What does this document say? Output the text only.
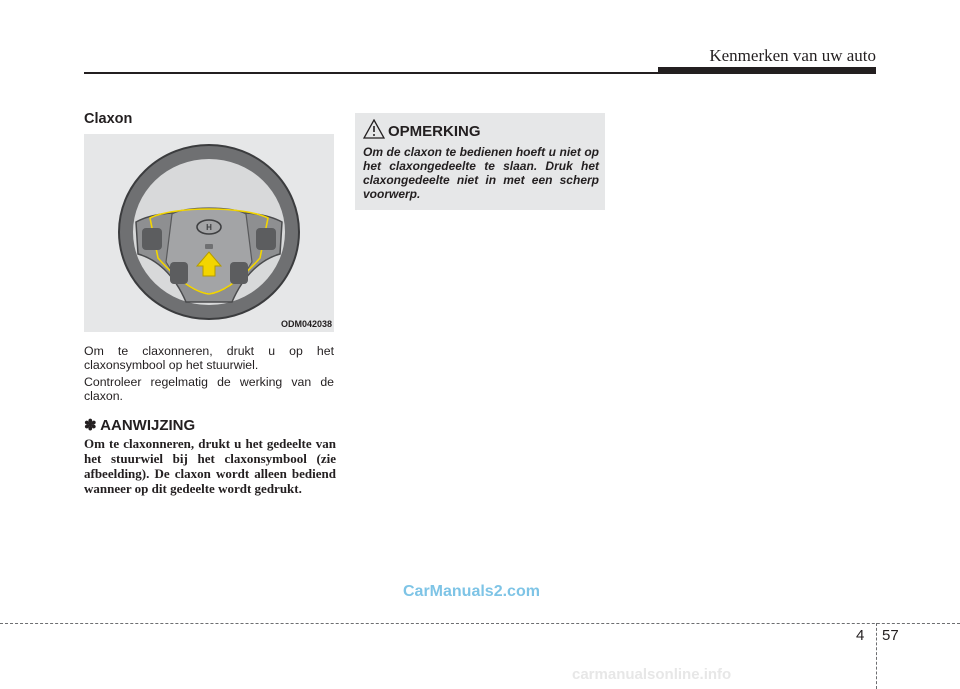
Kenmerken van uw auto
Claxon
H
ODM042038
Om te claxonneren, drukt u op het claxonsymbool op het stuurwiel.
Controleer regelmatig de werking van de claxon.
✽ AANWIJZING
Om te claxonneren, drukt u het gedeelte van het stuurwiel bij het claxonsymbool (zie afbeelding). De claxon wordt alleen bediend wanneer op dit gedeelte wordt gedrukt.
OPMERKING
Om de claxon te bedienen hoeft u niet op het claxongedeelte te slaan. Druk het claxongedeelte niet in met een scherp voorwerp.
CarManuals2.com
4 57
carmanualsonline.info
